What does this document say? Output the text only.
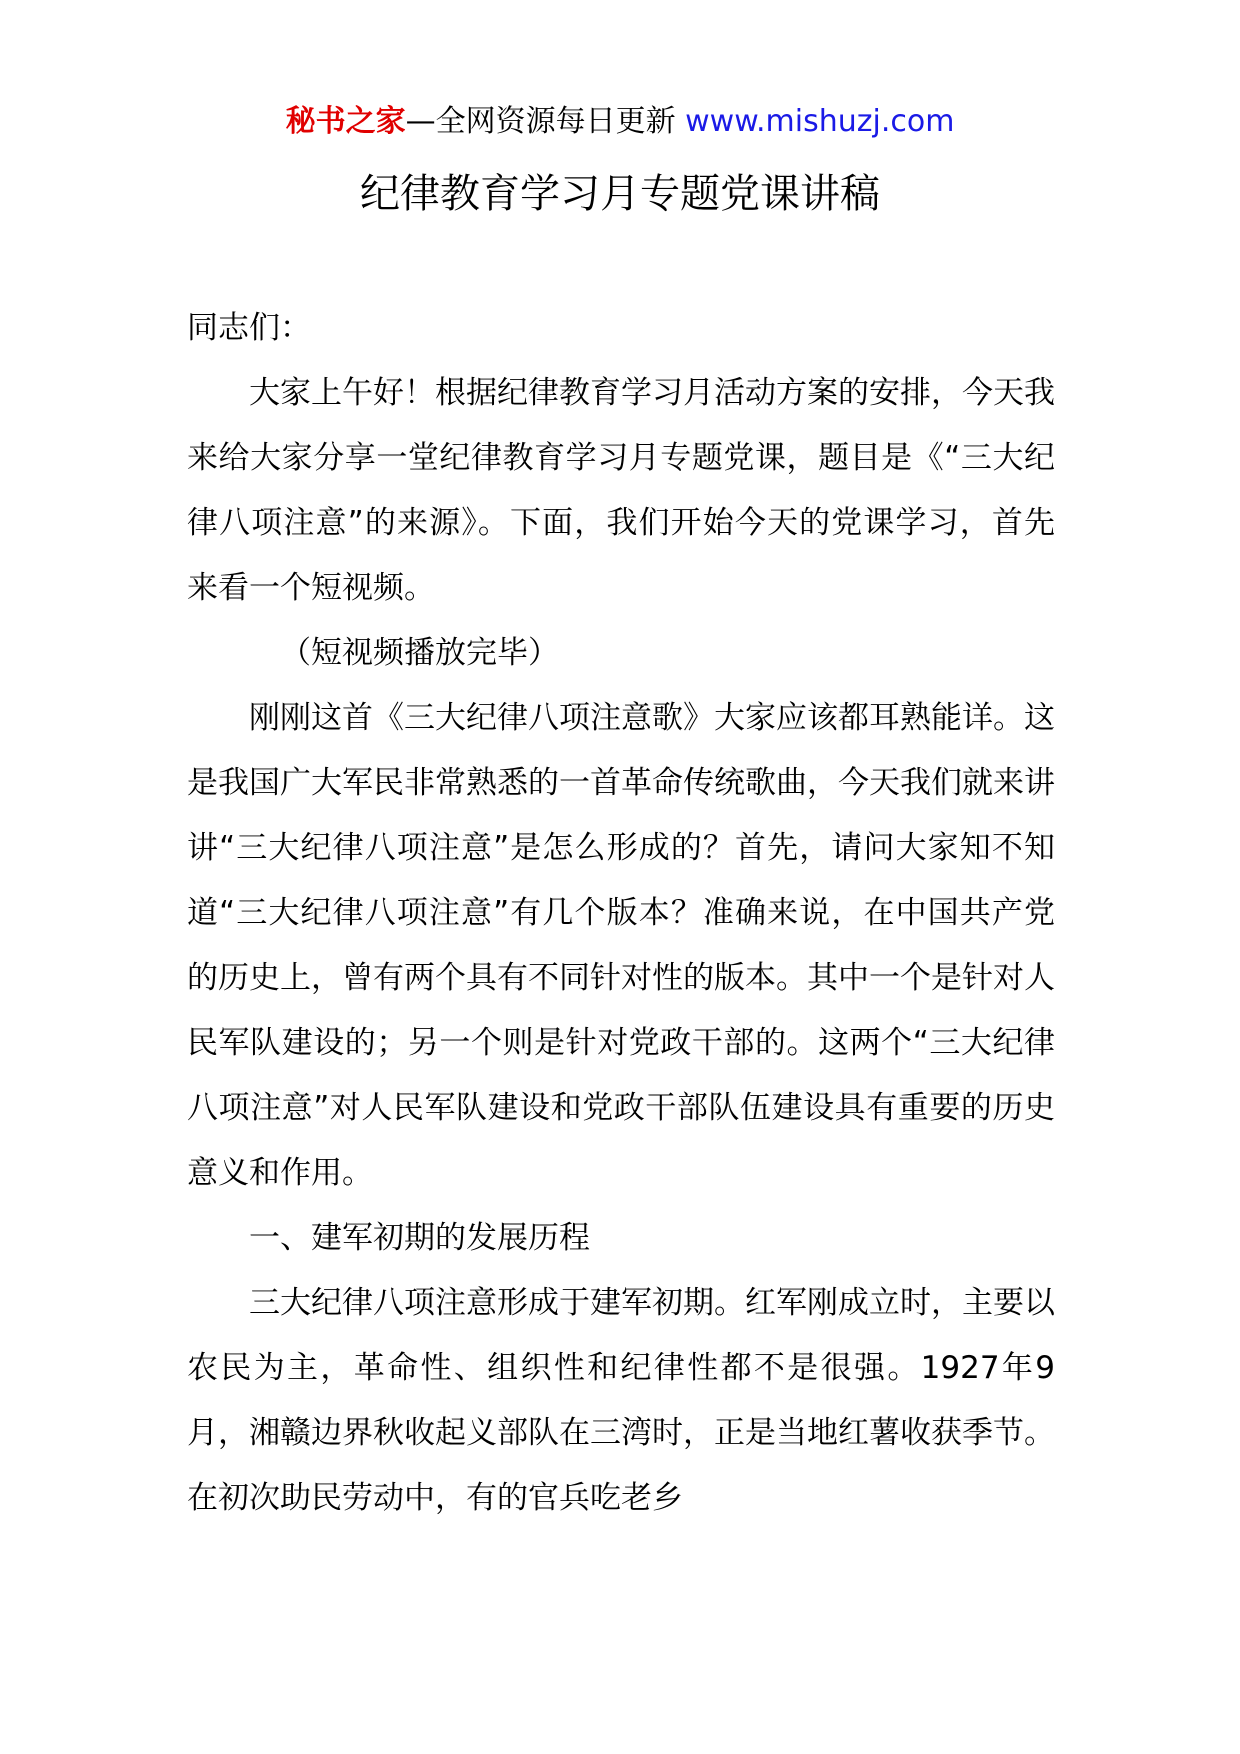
秘书之家—全网资源每日更新 www.mishuzj.com
纪律教育学习月专题党课讲稿

同志们：

大家上午好！根据纪律教育学习月活动方案的安排，今天我来给大家分享一堂纪律教育学习月专题党课，题目是《“三大纪律八项注意”的来源》。下面，我们开始今天的党课学习，首先来看一个短视频。

（短视频播放完毕）

刚刚这首《三大纪律八项注意歌》大家应该都耳熟能详。这是我国广大军民非常熟悉的一首革命传统歌曲，今天我们就来讲讲“三大纪律八项注意”是怎么形成的？首先，请问大家知不知道“三大纪律八项注意”有几个版本？准确来说，在中国共产党的历史上，曾有两个具有不同针对性的版本。其中一个是针对人民军队建设的；另一个则是针对党政干部的。这两个“三大纪律八项注意”对人民军队建设和党政干部队伍建设具有重要的历史意义和作用。

一、建军初期的发展历程

三大纪律八项注意形成于建军初期。红军刚成立时，主要以农民为主，革命性、组织性和纪律性都不是很强。1927年9月，湘赣边界秋收起义部队在三湾时，正是当地红薯收获季节。在初次助民劳动中，有的官兵吃老乡
